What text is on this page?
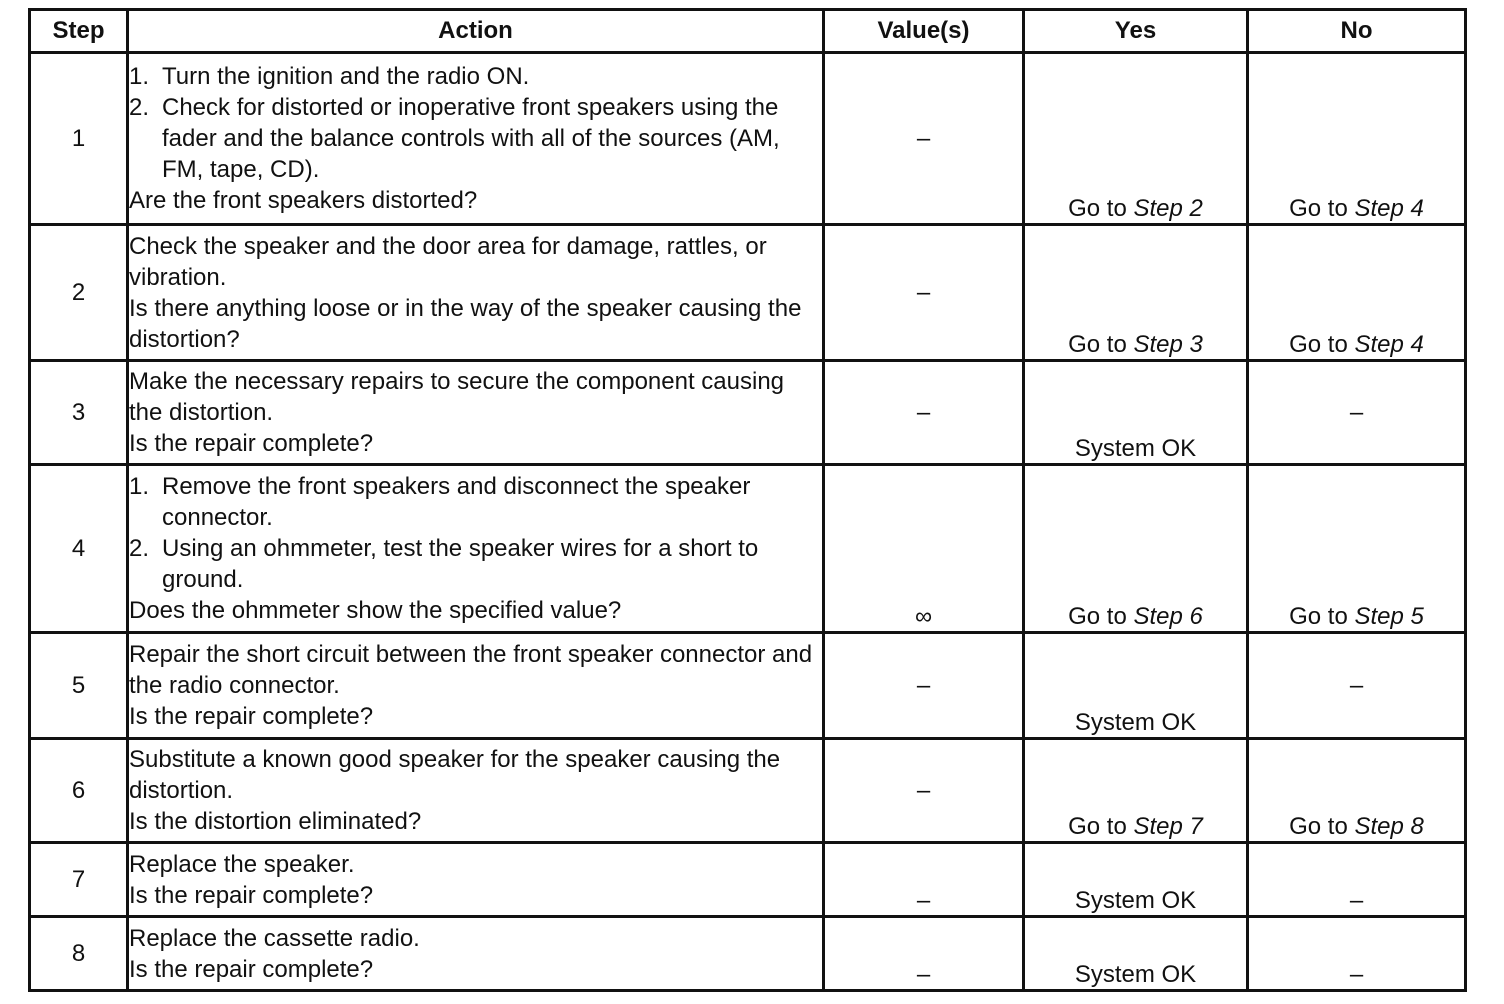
Step	Action	Value(s)	Yes	No
1	1. Turn the ignition and the radio ON.
2. Check for distorted or inoperative front speakers using the fader and the balance controls with all of the sources (AM, FM, tape, CD).
Are the front speakers distorted?	–	Go to Step 2	Go to Step 4
2	Check the speaker and the door area for damage, rattles, or vibration.
Is there anything loose or in the way of the speaker causing the distortion?	–	Go to Step 3	Go to Step 4
3	Make the necessary repairs to secure the component causing the distortion.
Is the repair complete?	–	System OK	–
4	1. Remove the front speakers and disconnect the speaker connector.
2. Using an ohmmeter, test the speaker wires for a short to ground.
Does the ohmmeter show the specified value?	∞	Go to Step 6	Go to Step 5
5	Repair the short circuit between the front speaker connector and the radio connector.
Is the repair complete?	–	System OK	–
6	Substitute a known good speaker for the speaker causing the distortion.
Is the distortion eliminated?	–	Go to Step 7	Go to Step 8
7	Replace the speaker.
Is the repair complete?	–	System OK	–
8	Replace the cassette radio.
Is the repair complete?	–	System OK	–
